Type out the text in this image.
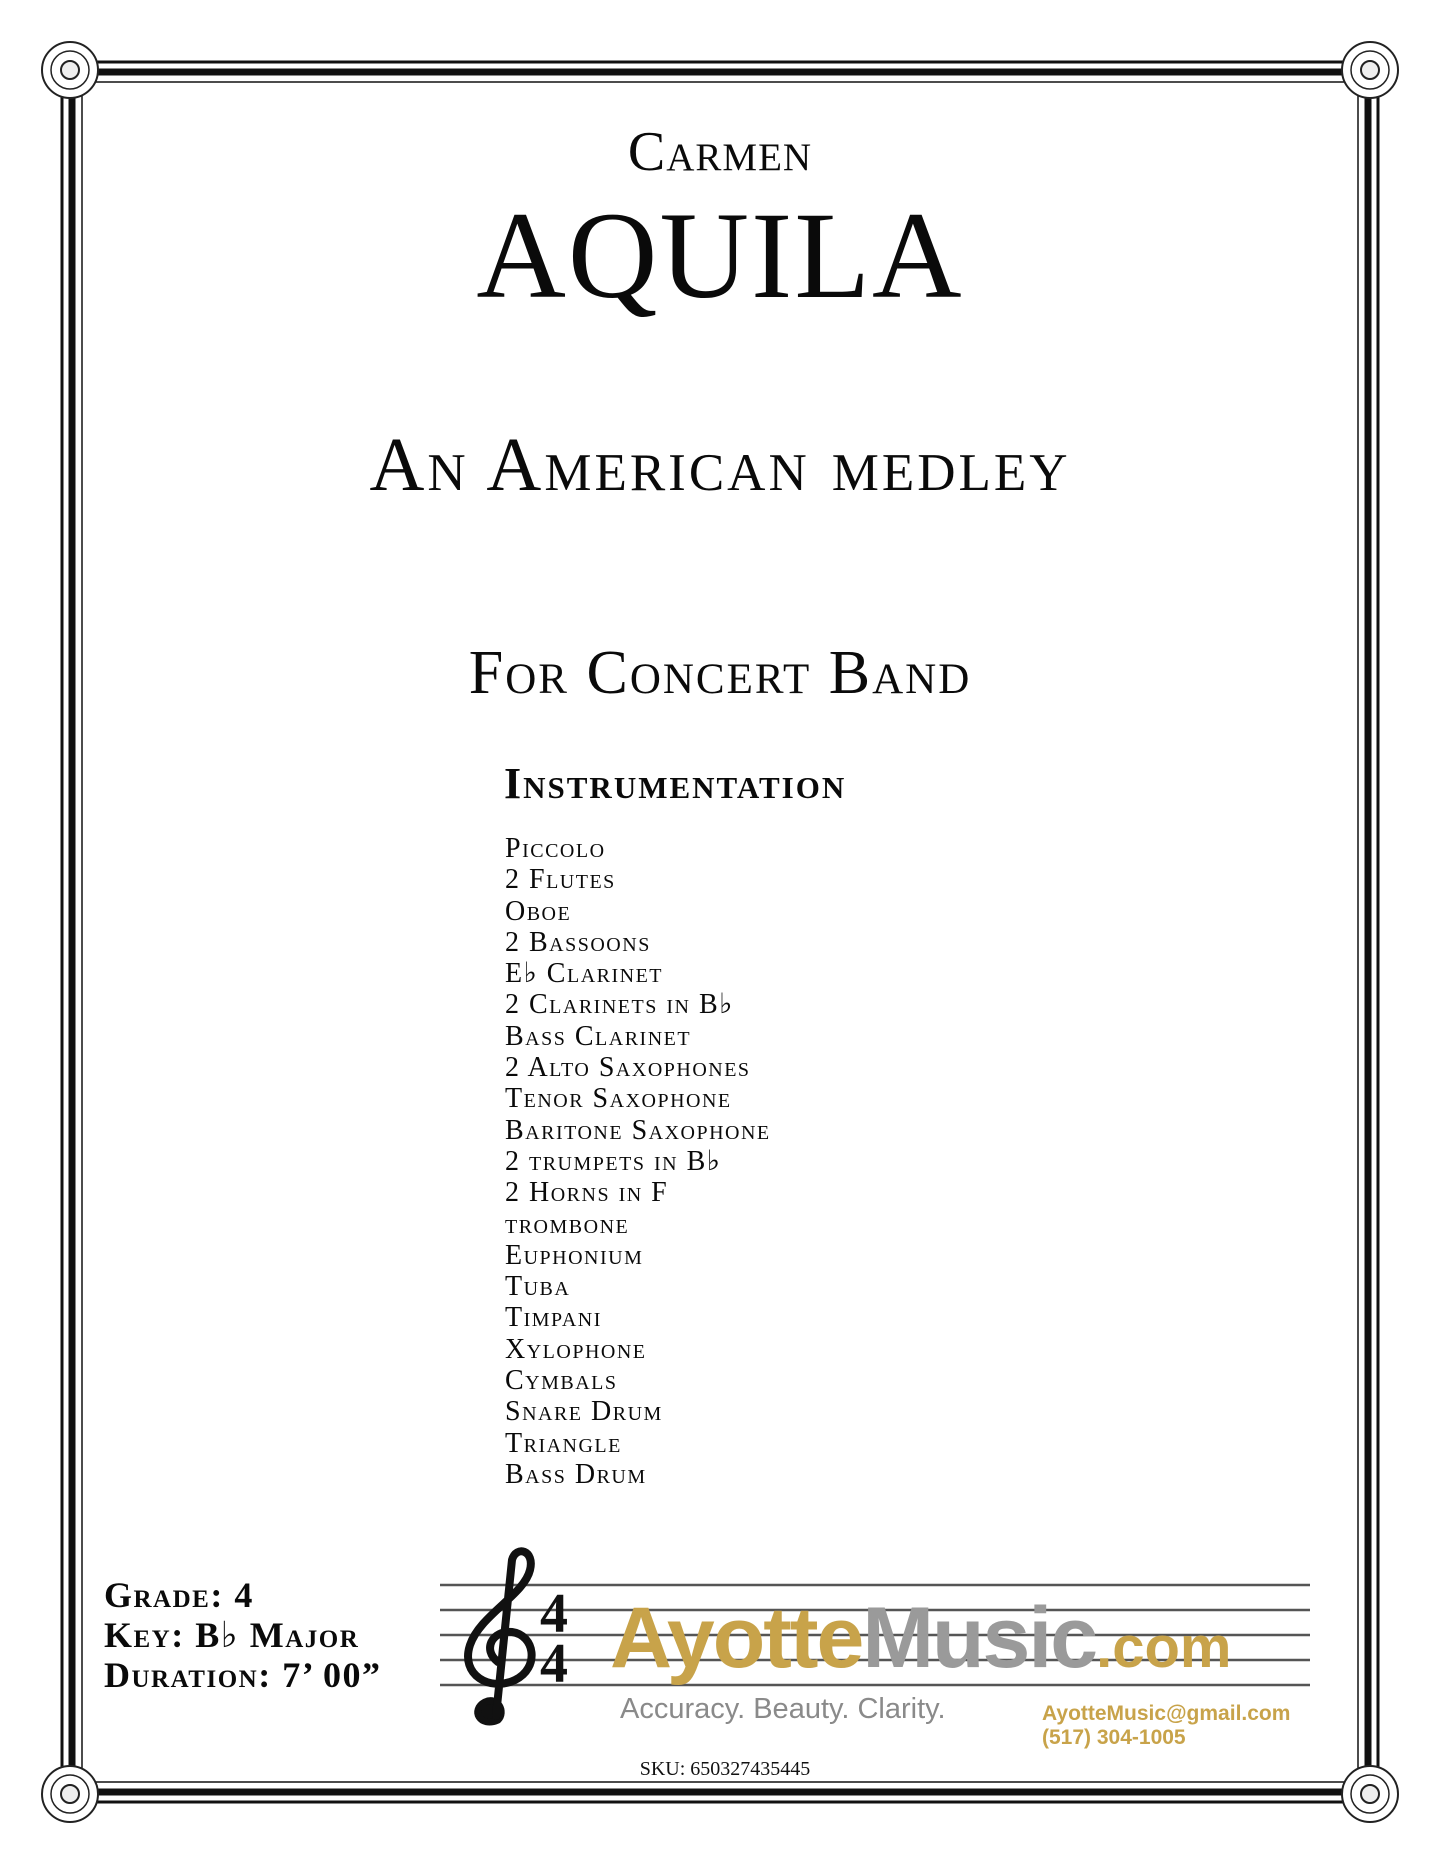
Carmen
AQUILA
An American medley
For Concert Band
Instrumentation
Piccolo
2 Flutes
Oboe
2 Bassoons
E♭ Clarinet
2 Clarinets in B♭
Bass Clarinet
2 Alto Saxophones
Tenor Saxophone
Baritone Saxophone
2 trumpets in B♭
2 Horns in F
trombone
Euphonium
Tuba
Timpani
Xylophone
Cymbals
Snare Drum
Triangle
Bass Drum
Grade: 4
Key: B♭ Major
Duration: 7’ 00”
4
4 AyotteMusic.com
Accuracy. Beauty. Clarity.	AyotteMusic@gmail.com
(517) 304-1005
SKU: 650327435445
